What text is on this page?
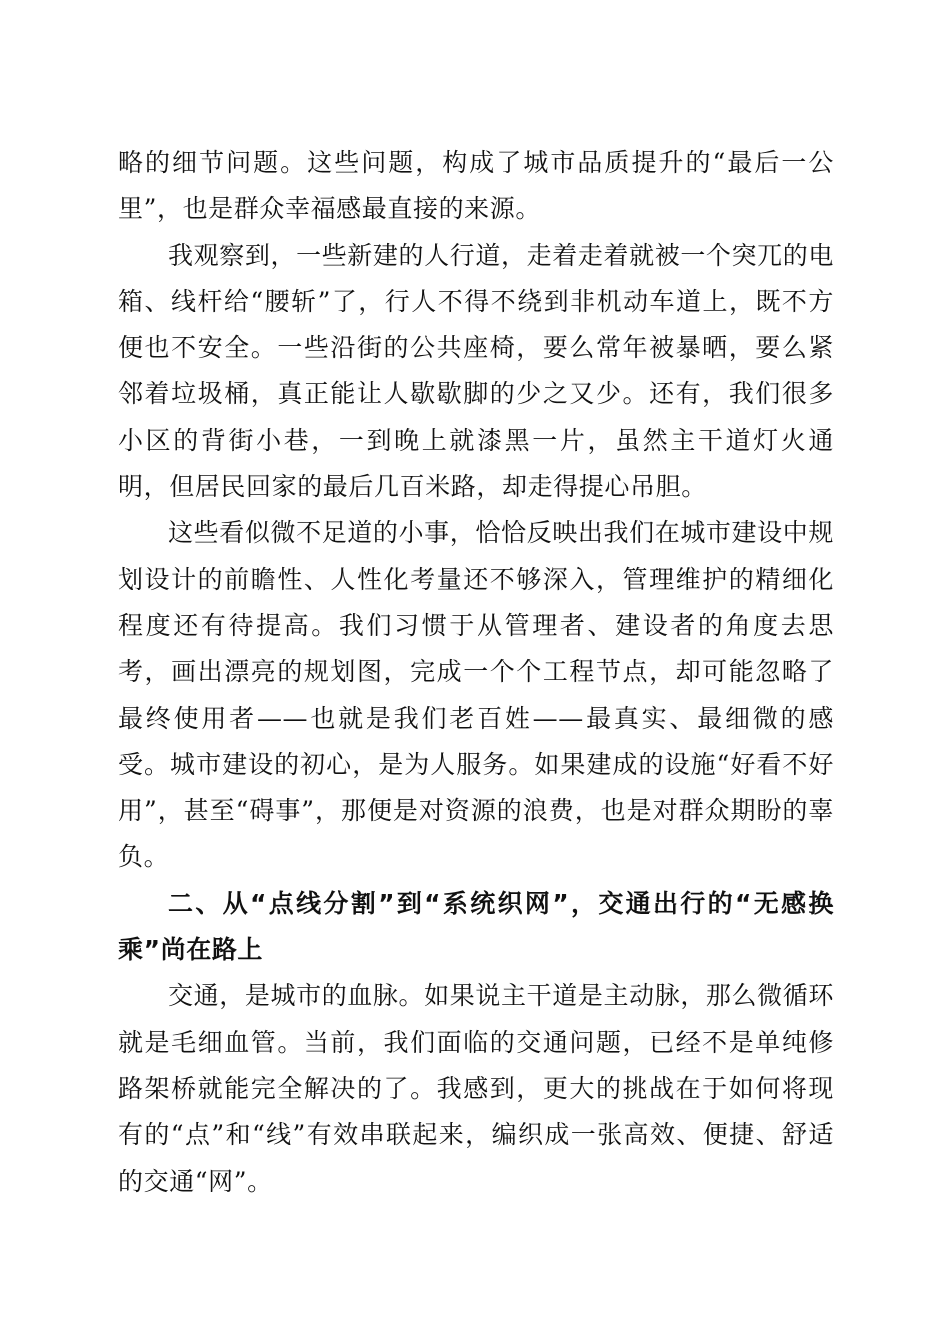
略的细节问题。这些问题，构成了城市品质提升的“最后一公里”，也是群众幸福感最直接的来源。

我观察到，一些新建的人行道，走着走着就被一个突兀的电箱、线杆给“腰斩”了，行人不得不绕到非机动车道上，既不方便也不安全。一些沿街的公共座椅，要么常年被暴晒，要么紧邻着垃圾桶，真正能让人歇歇脚的少之又少。还有，我们很多小区的背街小巷，一到晚上就漆黑一片，虽然主干道灯火通明，但居民回家的最后几百米路，却走得提心吊胆。

这些看似微不足道的小事，恰恰反映出我们在城市建设中规划设计的前瞻性、人性化考量还不够深入，管理维护的精细化程度还有待提高。我们习惯于从管理者、建设者的角度去思考，画出漂亮的规划图，完成一个个工程节点，却可能忽略了最终使用者——也就是我们老百姓——最真实、最细微的感受。城市建设的初心，是为人服务。如果建成的设施“好看不好用”，甚至“碍事”，那便是对资源的浪费，也是对群众期盼的辜负。

二、从“点线分割”到“系统织网”，交通出行的“无感换乘”尚在路上

交通，是城市的血脉。如果说主干道是主动脉，那么微循环就是毛细血管。当前，我们面临的交通问题，已经不是单纯修路架桥就能完全解决的了。我感到，更大的挑战在于如何将现有的“点”和“线”有效串联起来，编织成一张高效、便捷、舒适的交通“网”。
